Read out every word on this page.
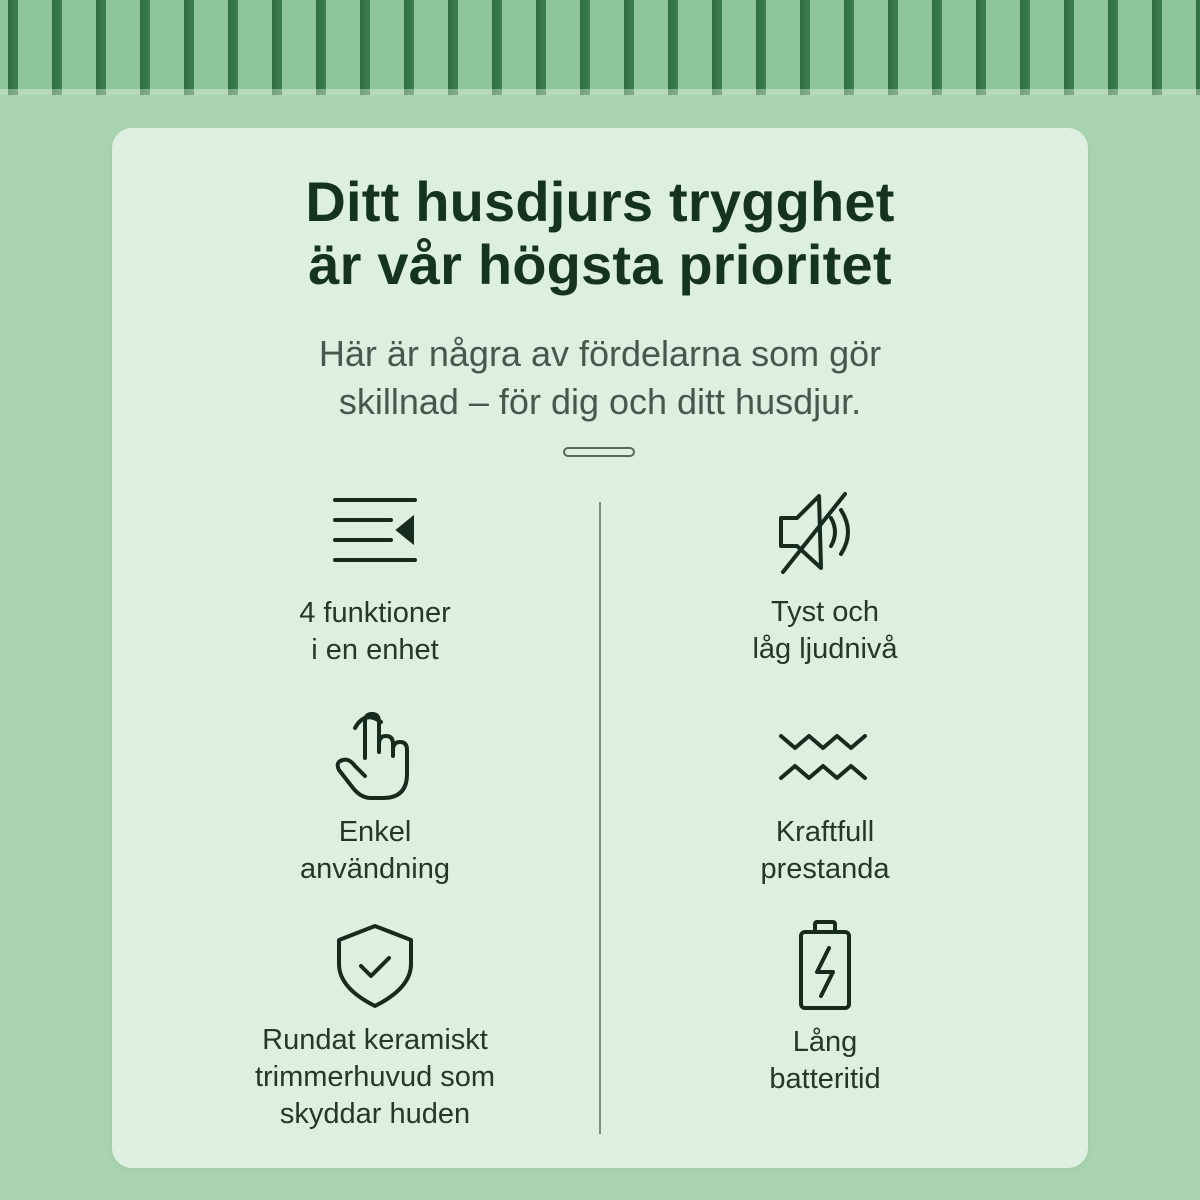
Ditt husdjurs trygghet
är vår högsta prioritet

Här är några av fördelarna som gör
skillnad – för dig och ditt husdjur.

4 funktioner
i en enhet

Tyst och
låg ljudnivå

Enkel
användning

Kraftfull
prestanda

Rundat keramiskt
trimmerhuvud som
skyddar huden

Lång
batteritid
